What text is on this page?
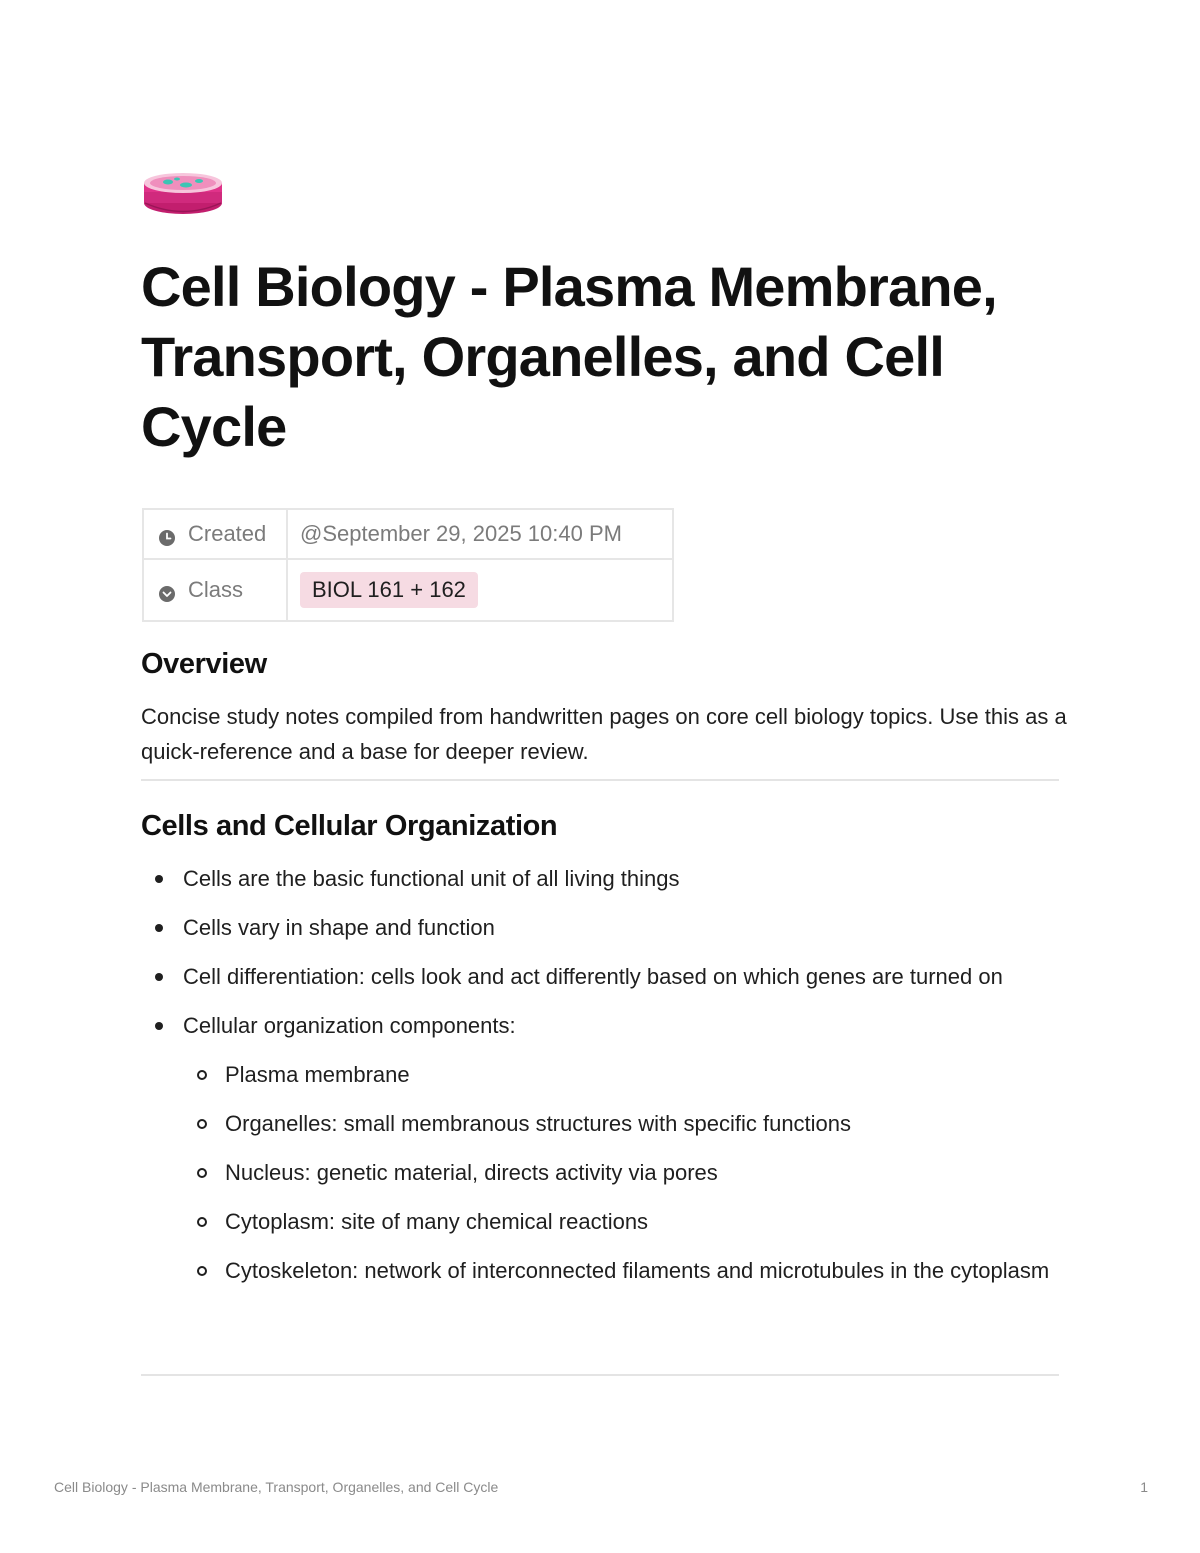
Cell Biology - Plasma Membrane, Transport, Organelles, and Cell Cycle
Created	@September 29, 2025 10:40 PM

Class	BIOL 161 + 162
Overview

Concise study notes compiled from handwritten pages on core cell biology topics. Use this as a quick-reference and a base for deeper review.

Cells and Cellular Organization
Cells are the basic functional unit of all living things
Cells vary in shape and function
Cell differentiation: cells look and act differently based on which genes are turned on
Cellular organization components:
Plasma membrane
Organelles: small membranous structures with specific functions
Nucleus: genetic material, directs activity via pores
Cytoplasm: site of many chemical reactions
Cytoskeleton: network of interconnected filaments and microtubules in the cytoplasm
Cell Biology - Plasma Membrane, Transport, Organelles, and Cell Cycle	1
